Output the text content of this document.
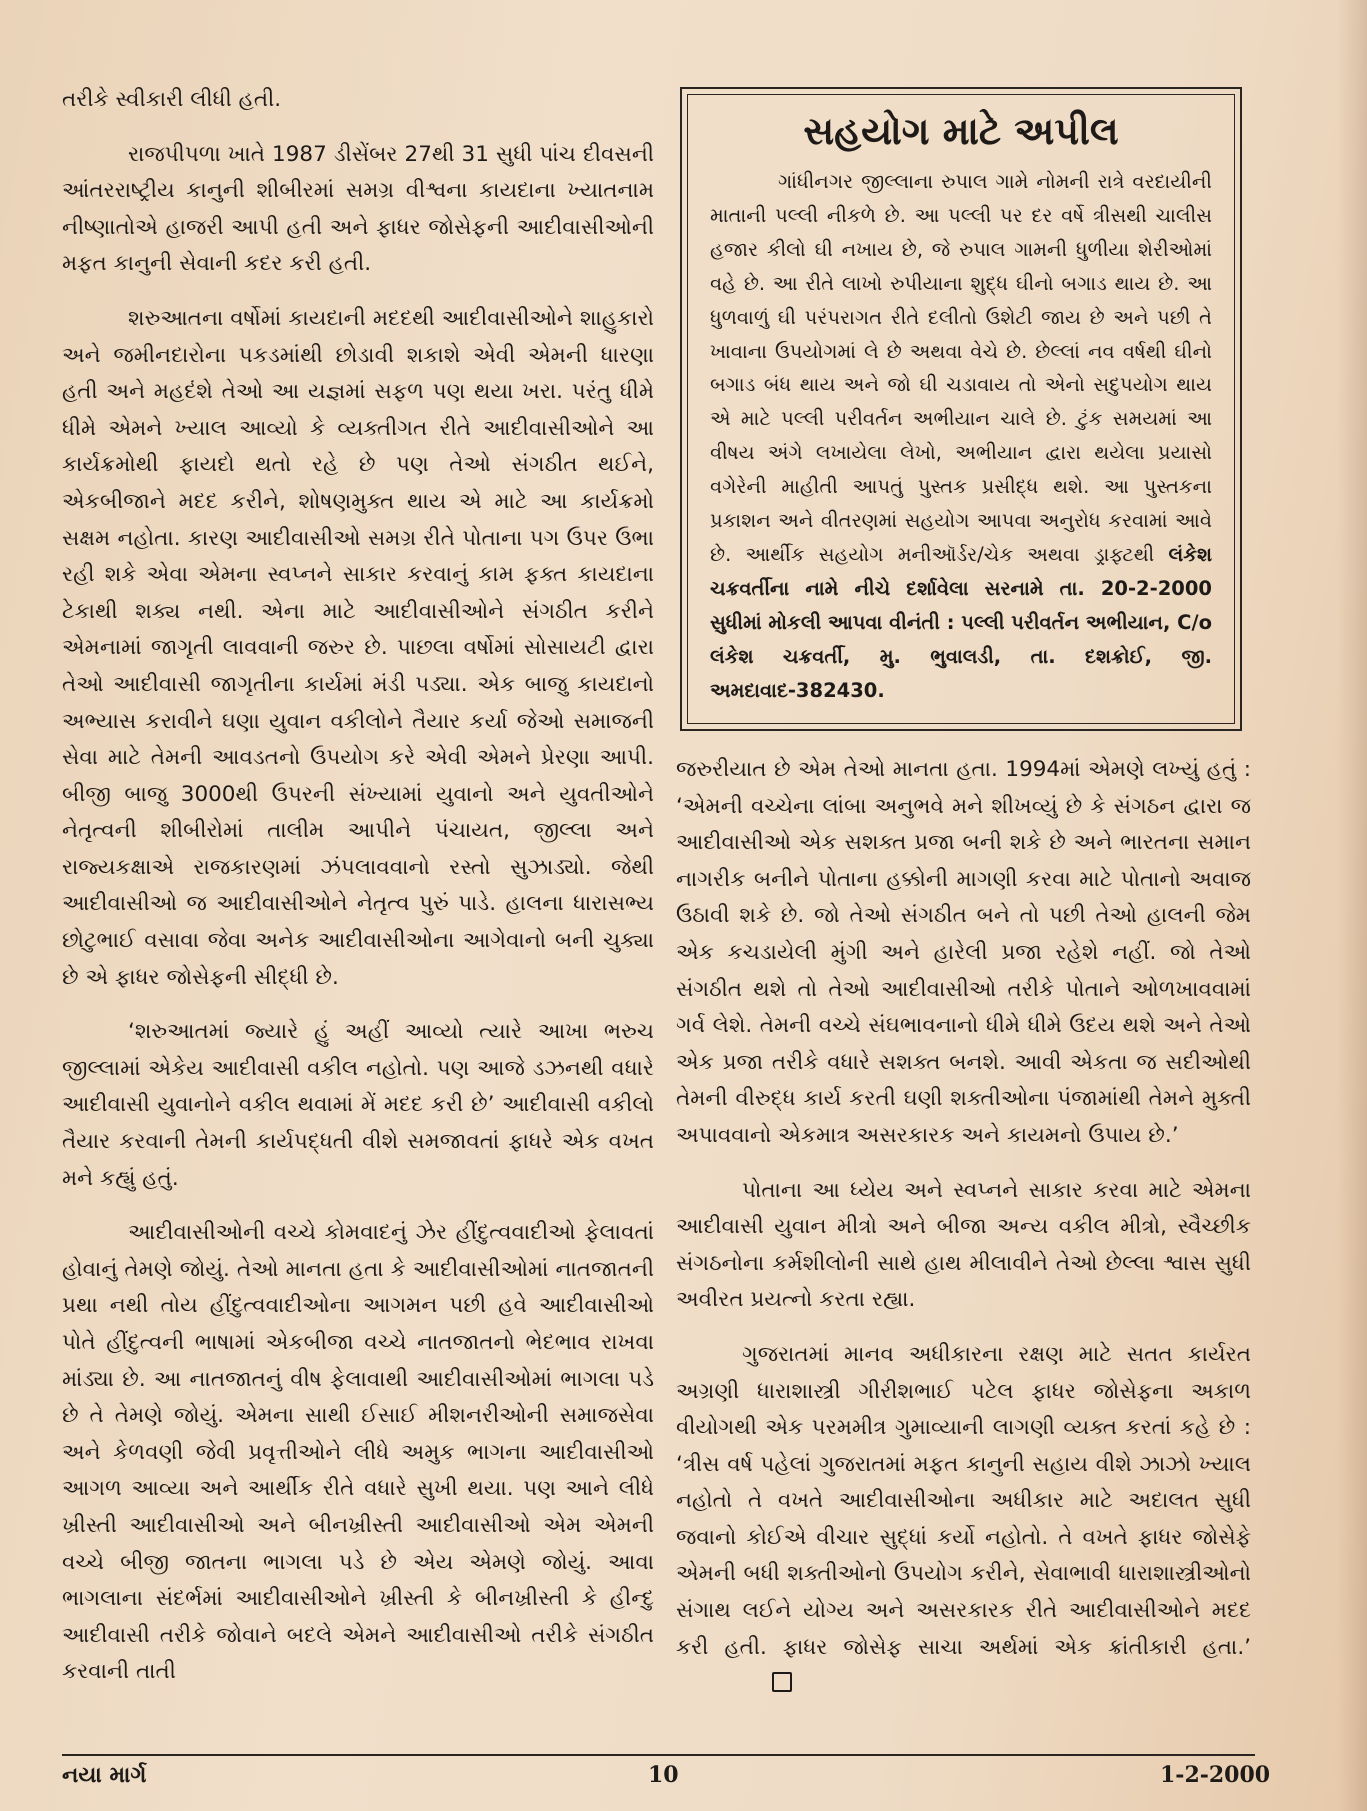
તરીકે સ્વીકારી લીધી હતી.

રાજપીપળા ખાતે 1987 ડીસેંબર 27થી 31 સુધી પાંચ દીવસની આંતરરાષ્ટ્રીય કાનુની શીબીરમાં સમગ્ર વીશ્વના કાયદાના ખ્યાતનામ નીષ્ણાતોએ હાજરી આપી હતી અને ફાધર જોસેફની આદીવાસીઓની મફત કાનુની સેવાની કદર કરી હતી.

શરુઆતના વર્ષોમાં કાયદાની મદદથી આદીવાસીઓને શાહુકારો અને જમીનદારોના પકડમાંથી છોડાવી શકાશે એવી એમની ધારણા હતી અને મહદંશે તેઓ આ યજ્ઞમાં સફળ પણ થયા ખરા. પરંતુ ધીમે ધીમે એમને ખ્યાલ આવ્યો કે વ્યક્તીગત રીતે આદીવાસીઓને આ કાર્યક્રમોથી ફાયદો થતો રહે છે પણ તેઓ સંગઠીત થઈને, એકબીજાને મદદ કરીને, શોષણમુક્ત થાય એ માટે આ કાર્યક્રમો સક્ષમ નહોતા. કારણ આદીવાસીઓ સમગ્ર રીતે પોતાના પગ ઉપર ઉભા રહી શકે એવા એમના સ્વપ્નને સાકાર કરવાનું કામ ફક્ત કાયદાના ટેકાથી શક્ય નથી. એના માટે આદીવાસીઓને સંગઠીત કરીને એમનામાં જાગૃતી લાવવાની જરુર છે. પાછલા વર્ષોમાં સોસાયટી દ્વારા તેઓ આદીવાસી જાગૃતીના કાર્યમાં મંડી પડ્યા. એક બાજુ કાયદાનો અભ્યાસ કરાવીને ઘણા યુવાન વકીલોને તૈયાર કર્યા જેઓ સમાજની સેવા માટે તેમની આવડતનો ઉપયોગ કરે એવી એમને પ્રેરણા આપી. બીજી બાજુ 3000થી ઉપરની સંખ્યામાં યુવાનો અને યુવતીઓને નેતૃત્વની શીબીરોમાં તાલીમ આપીને પંચાયત, જીલ્લા અને રાજ્યકક્ષાએ રાજકારણમાં ઝંપલાવવાનો રસ્તો સુઝાડ્યો. જેથી આદીવાસીઓ જ આદીવાસીઓને નેતૃત્વ પુરું પાડે. હાલના ધારાસભ્ય છોટુભાઈ વસાવા જેવા અનેક આદીવાસીઓના આગેવાનો બની ચુક્યા છે એ ફાધર જોસેફની સીદ્ધી છે.

‘શરુઆતમાં જ્યારે હું અહીં આવ્યો ત્યારે આખા ભરુચ જીલ્લામાં એકેય આદીવાસી વકીલ નહોતો. પણ આજે ડઝનથી વધારે આદીવાસી યુવાનોને વકીલ થવામાં મેં મદદ કરી છે’ આદીવાસી વકીલો તૈયાર કરવાની તેમની કાર્યપદ્ધતી વીશે સમજાવતાં ફાધરે એક વખત મને કહ્યું હતું.

આદીવાસીઓની વચ્ચે કોમવાદનું ઝેર હીંદુત્વવાદીઓ ફેલાવતાં હોવાનું તેમણે જોયું. તેઓ માનતા હતા કે આદીવાસીઓમાં નાતજાતની પ્રથા નથી તોય હીંદુત્વવાદીઓના આગમન પછી હવે આદીવાસીઓ પોતે હીંદુત્વની ભાષામાં એકબીજા વચ્ચે નાતજાતનો ભેદભાવ રાખવા માંડ્યા છે. આ નાતજાતનું વીષ ફેલાવાથી આદીવાસીઓમાં ભાગલા પડે છે તે તેમણે જોયું. એમના સાથી ઈસાઈ મીશનરીઓની સમાજસેવા અને કેળવણી જેવી પ્રવૃત્તીઓને લીધે અમુક ભાગના આદીવાસીઓ આગળ આવ્યા અને આર્થીક રીતે વધારે સુખી થયા. પણ આને લીધે ખ્રીસ્તી આદીવાસીઓ અને બીનખ્રીસ્તી આદીવાસીઓ એમ એમની વચ્ચે બીજી જાતના ભાગલા પડે છે એય એમણે જોયું. આવા ભાગલાના સંદર્ભમાં આદીવાસીઓને ખ્રીસ્તી કે બીનખ્રીસ્તી કે હીન્દુ આદીવાસી તરીકે જોવાને બદલે એમને આદીવાસીઓ તરીકે સંગઠીત કરવાની તાતી

સહયોગ માટે અપીલ

ગાંધીનગર જીલ્લાના રુપાલ ગામે નોમની રાત્રે વરદાયીની માતાની પલ્લી નીકળે છે. આ પલ્લી પર દર વર્ષે ત્રીસથી ચાલીસ હજાર કીલો ઘી નખાય છે, જે રુપાલ ગામની ધુળીયા શેરીઓમાં વહે છે. આ રીતે લાખો રુપીયાના શુદ્ધ ઘીનો બગાડ થાય છે. આ ધુળવાળું ઘી પરંપરાગત રીતે દલીતો ઉશેટી જાય છે અને પછી તે ખાવાના ઉપયોગમાં લે છે અથવા વેચે છે. છેલ્લાં નવ વર્ષથી ઘીનો બગાડ બંધ થાય અને જો ઘી ચડાવાય તો એનો સદુપયોગ થાય એ માટે પલ્લી પરીવર્તન અભીયાન ચાલે છે. ટુંક સમયમાં આ વીષય અંગે લખાયેલા લેખો, અભીયાન દ્વારા થયેલા પ્રયાસો વગેરેની માહીતી આપતું પુસ્તક પ્રસીદ્ધ થશે. આ પુસ્તકના પ્રકાશન અને વીતરણમાં સહયોગ આપવા અનુરોધ કરવામાં આવે છે. આર્થીક સહયોગ મનીઑર્ડર/ચેક અથવા ડ્રાફ્ટથી લંકેશ ચક્રવર્તીના નામે નીચે દર્શાવેલા સરનામે તા. 20-2-2000 સુધીમાં મોકલી આપવા વીનંતી : પલ્લી પરીવર્તન અભીયાન, C/o લંકેશ ચક્રવર્તી, મુ. ભુવાલડી, તા. દશક્રોઈ, જી. અમદાવાદ-382430.

જરુરીયાત છે એમ તેઓ માનતા હતા. 1994માં એમણે લખ્યું હતું : ‘એમની વચ્ચેના લાંબા અનુભવે મને શીખવ્યું છે કે સંગઠન દ્વારા જ આદીવાસીઓ એક સશક્ત પ્રજા બની શકે છે અને ભારતના સમાન નાગરીક બનીને પોતાના હક્કોની માગણી કરવા માટે પોતાનો અવાજ ઉઠાવી શકે છે. જો તેઓ સંગઠીત બને તો પછી તેઓ હાલની જેમ એક કચડાયેલી મુંગી અને હારેલી પ્રજા રહેશે નહીં. જો તેઓ સંગઠીત થશે તો તેઓ આદીવાસીઓ તરીકે પોતાને ઓળખાવવામાં ગર્વ લેશે. તેમની વચ્ચે સંઘભાવનાનો ધીમે ધીમે ઉદય થશે અને તેઓ એક પ્રજા તરીકે વધારે સશક્ત બનશે. આવી એકતા જ સદીઓથી તેમની વીરુદ્ધ કાર્ય કરતી ઘણી શક્તીઓના પંજામાંથી તેમને મુક્તી અપાવવાનો એકમાત્ર અસરકારક અને કાયમનો ઉપાય છે.’

પોતાના આ ધ્યેય અને સ્વપ્નને સાકાર કરવા માટે એમના આદીવાસી યુવાન મીત્રો અને બીજા અન્ય વકીલ મીત્રો, સ્વૈચ્છીક સંગઠનોના કર્મશીલોની સાથે હાથ મીલાવીને તેઓ છેલ્લા શ્વાસ સુધી અવીરત પ્રયત્નો કરતા રહ્યા.

ગુજરાતમાં માનવ અધીકારના રક્ષણ માટે સતત કાર્યરત અગ્રણી ધારાશાસ્ત્રી ગીરીશભાઈ પટેલ ફાધર જોસેફના અકાળ વીયોગથી એક પરમમીત્ર ગુમાવ્યાની લાગણી વ્યક્ત કરતાં કહે છે : ‘ત્રીસ વર્ષ પહેલાં ગુજરાતમાં મફત કાનુની સહાય વીશે ઝાઝો ખ્યાલ નહોતો તે વખતે આદીવાસીઓના અધીકાર માટે અદાલત સુધી જવાનો કોઈએ વીચાર સુદ્ધાં કર્યો નહોતો. તે વખતે ફાધર જોસેફે એમની બધી શક્તીઓનો ઉપયોગ કરીને, સેવાભાવી ધારાશાસ્ત્રીઓનો સંગાથ લઈને યોગ્ય અને અસરકારક રીતે આદીવાસીઓને મદદ કરી હતી. ફાધર જોસેફ સાચા અર્થમાં એક ક્રાંતીકારી હતા.’

નયા માર્ગ	10	1-2-2000
